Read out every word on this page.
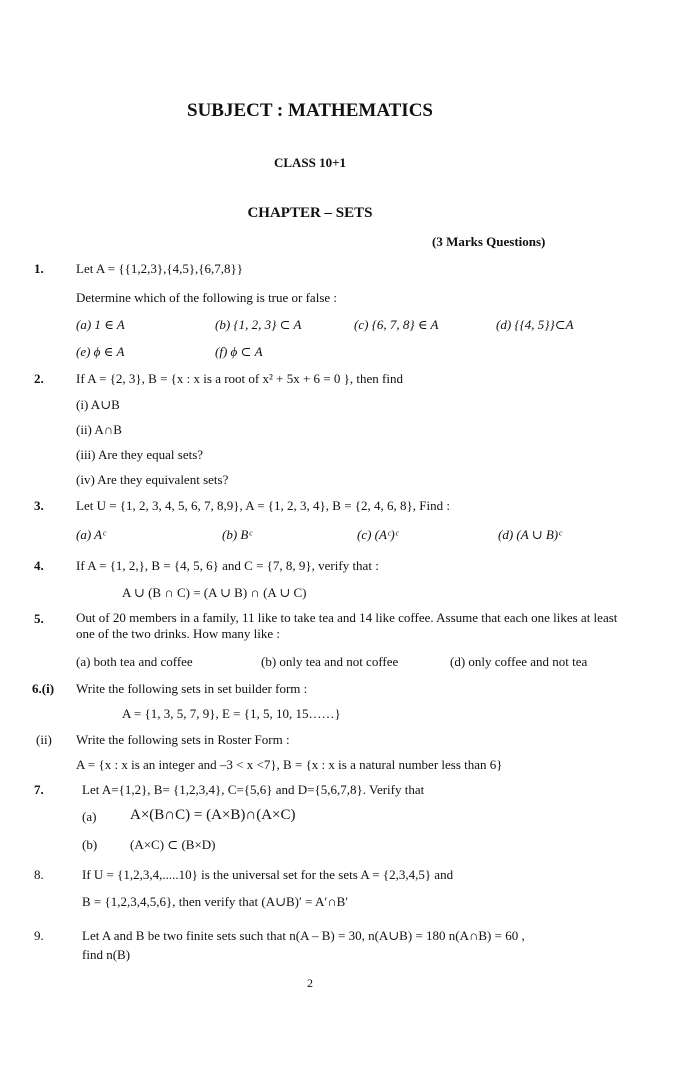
SUBJECT : MATHEMATICS
CLASS 10+1
CHAPTER – SETS
(3 Marks Questions)
1. Let A = {{1,2,3},{4,5},{6,7,8}}
Determine which of the following is true or false :
(a) 1 ∈ A	(b) {1, 2, 3} ⊂ A	(c) {6, 7, 8} ∈ A	(d) {{4, 5}}⊂A
(e) ϕ ∈ A	(f) ϕ ⊂ A
2. If A = {2, 3}, B = {x : x is a root of x² + 5x + 6 = 0 }, then find
(i) A∪B
(ii) A∩B
(iii) Are they equal sets?
(iv) Are they equivalent sets?
3. Let U = {1, 2, 3, 4, 5, 6, 7, 8,9}, A = {1, 2, 3, 4}, B = {2, 4, 6, 8}, Find :
(a) Aᶜ	(b) Bᶜ	(c) (Aᶜ)ᶜ	(d) (A ∪ B)ᶜ
4. If A = {1, 2,}, B = {4, 5, 6} and C = {7, 8, 9}, verify that :
A ∪ (B ∩ C) = (A ∪ B) ∩ (A ∪ C)
5. Out of 20 members in a family, 11 like to take tea and 14 like coffee. Assume that each one likes at least one of the two drinks. How many like :
(a) both tea and coffee	(b) only tea and not coffee	(d) only coffee and not tea
6.(i) Write the following sets in set builder form :
A = {1, 3, 5, 7, 9}, E = {1, 5, 10, 15……}
(ii) Write the following sets in Roster Form :
A = {x : x is an integer and –3 < x <7}, B = {x : x is a natural number less than 6}
7.	Let A={1,2}, B= {1,2,3,4}, C={5,6} and D={5,6,7,8}. Verify that
(a) A×(B∩C) = (A×B)∩(A×C)
(b)	(A×C) ⊂ (B×D)
8.	If U = {1,2,3,4,.....10} is the universal set for the sets A = {2,3,4,5} and
B = {1,2,3,4,5,6}, then verify that (A∪B)′ = A′∩B′
9.	Let A and B be two finite sets such that n(A – B) = 30, n(A∪B) = 180 n(A∩B) = 60 ,
find n(B)
2
